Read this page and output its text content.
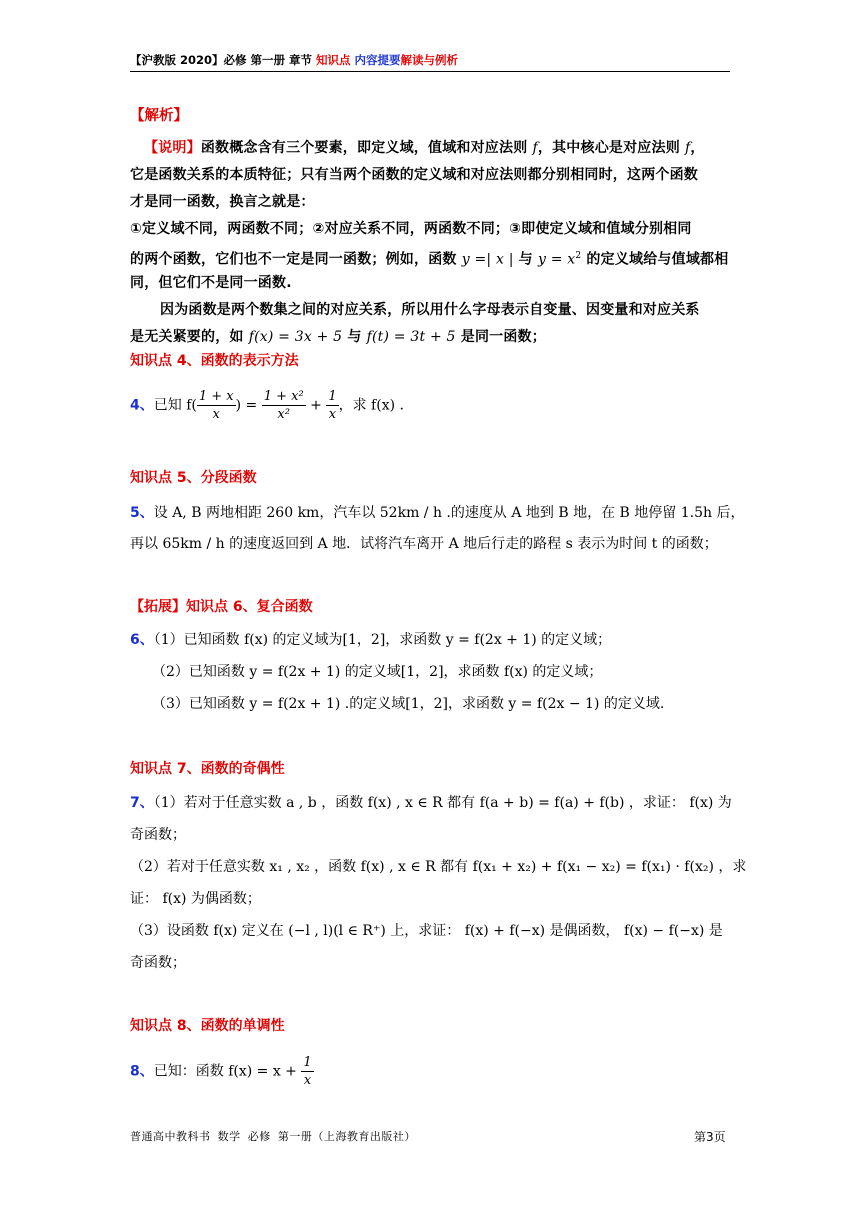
【沪教版 2020】必修 第一册 章节 知识点 内容提要解读与例析
【解析】
【说明】函数概念含有三个要素，即定义域，值域和对应法则 f，其中核心是对应法则 f，
它是函数关系的本质特征；只有当两个函数的定义域和对应法则都分别相同时，这两个函数
才是同一函数，换言之就是：
①定义域不同，两函数不同；②对应关系不同，两函数不同；③即使定义域和值域分别相同
的两个函数，它们也不一定是同一函数；例如，函数 y =| x | 与 $y = x^2$ 的定义域给与值域都相
同，但它们不是同一函数.
因为函数是两个数集之间的对应关系，所以用什么字母表示自变量、因变量和对应关系
是无关紧要的，如 f(x) = 3x + 5 与 f(t) = 3t + 5 是同一函数；
知识点 4、函数的表示方法
4、已知 $f( \frac{1 + x}{x}$ ) = $\frac{\text{1 + x²}}{\text{x²}} + \frac{1}{x}$ ，求 f(x) .
知识点 5、分段函数
5、设 A, B 两地相距 260 km，汽车以 52km / h .的速度从 A 地到 B 地，在 B 地停留 1.5h 后，
再以 65km / h 的速度返回到 A 地．试将汽车离开 A 地后行走的路程 s 表示为时间 t 的函数；
【拓展】知识点 6、复合函数
6、（1）已知函数 f(x) 的定义域为[1，2]，求函数 y = f(2x + 1) 的定义域；
（2）已知函数 y = f(2x + 1) 的定义域[1，2]，求函数 f(x) 的定义域；
（3）已知函数 y = f(2x + 1) .的定义域[1，2]，求函数 y = f(2x − 1) 的定义域.
知识点 7、函数的奇偶性
7、（1）若对于任意实数 a , b ，函数 f(x) , x ∈ R 都有 f(a + b) = f(a) + f(b) ，求证： f(x) 为
奇函数；
（2）若对于任意实数 x₁ , x₂ ，函数 f(x) , x ∈ R 都有 f(x₁ + x₂) + f(x₁ − x₂) = f(x₁) · f(x₂) ，求
证： f(x) 为偶函数；
（3）设函数 f(x) 定义在 (−l , l)(l ∈ R⁺) 上，求证： f(x) + f(−x) 是偶函数， f(x) − f(−x) 是
奇函数；
知识点 8、函数的单调性
8、已知：函数 $f(x) = x + \frac{1}{x}$
普通高中教科书 数学 必修 第一册（上海教育出版社）	第3页
